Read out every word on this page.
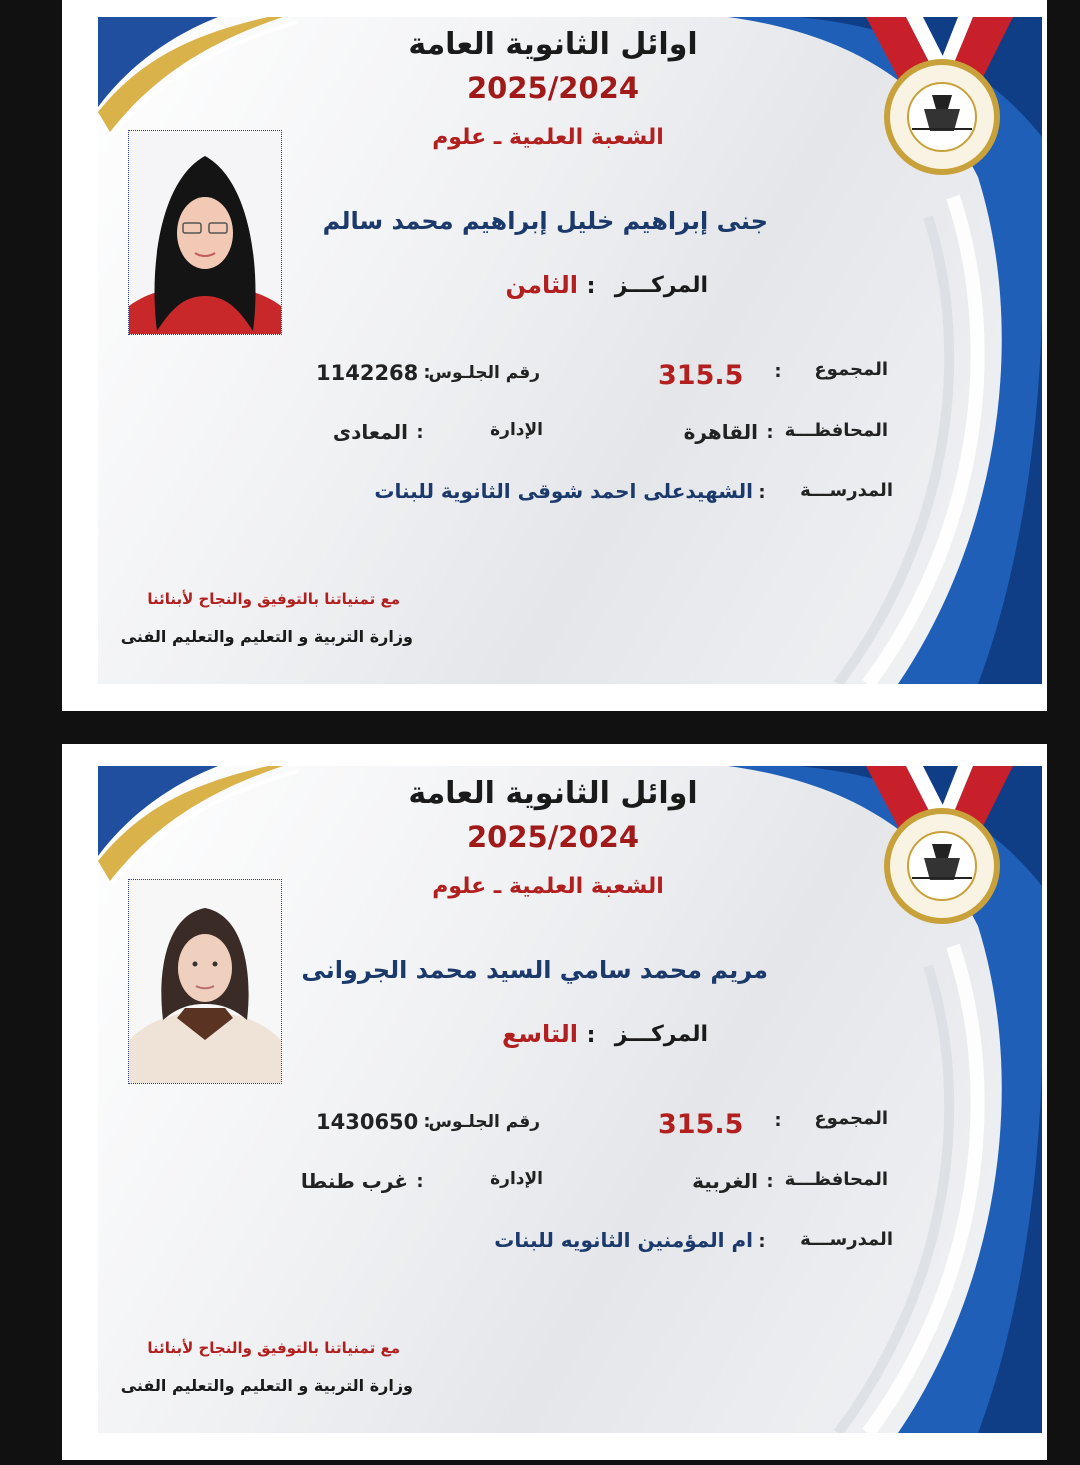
اوائل الثانوية العامة
2025/2024
الشعبة العلمية ـ علوم
جنى إبراهيم خليل إبراهيم محمد سالم
المركـــز
:
الثامن
المجموع
:
315.5
رقم الجلـوس
:
1142268
المحافظـــة
:
القاهرة
الإدارة
:
المعادى
المدرســـة
:
الشهيدعلى احمد شوقى الثانوية للبنات
مع تمنياتنا بالتوفيق والنجاح لأبنائنا
وزارة التربية و التعليم والتعليم الفنى
اوائل الثانوية العامة
2025/2024
الشعبة العلمية ـ علوم
مريم محمد سامي السيد محمد الجروانى
المركـــز
:
التاسع
المجموع
:
315.5
رقم الجلـوس
:
1430650
المحافظـــة
:
الغربية
الإدارة
:
غرب طنطا
المدرســـة
:
ام المؤمنين الثانويه للبنات
مع تمنياتنا بالتوفيق والنجاح لأبنائنا
وزارة التربية و التعليم والتعليم الفنى
